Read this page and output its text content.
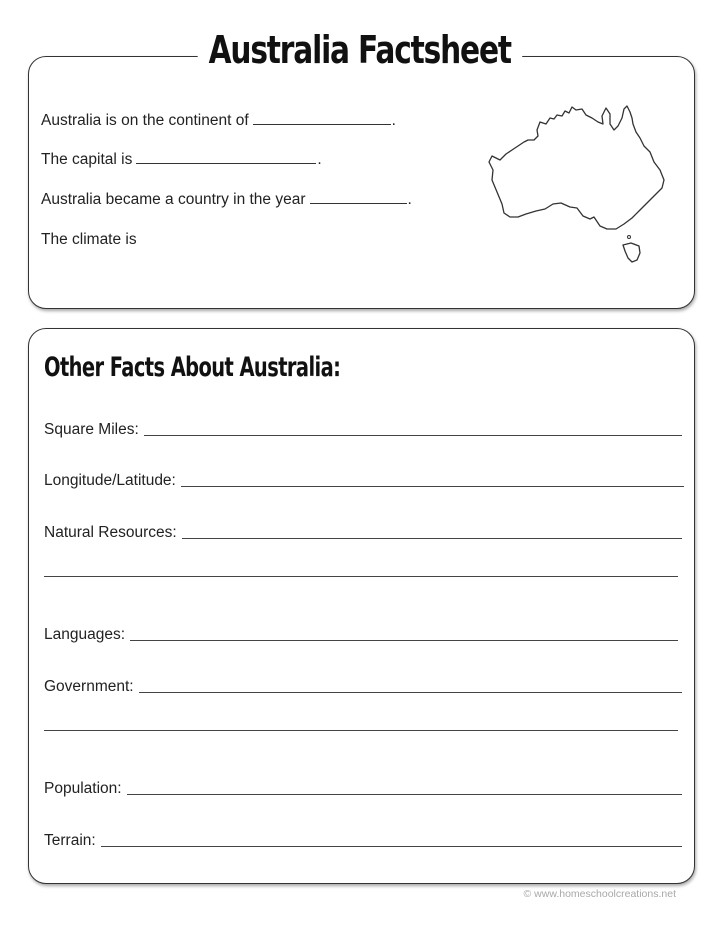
Australia Factsheet
Australia is on the continent of	.
The capital is	.
Australia became a country in the year	.
The climate is
Other Facts About Australia:
Square Miles:
Longitude/Latitude:
Natural Resources:
Languages:
Government:
Population:
Terrain:
© www.homeschoolcreations.net
